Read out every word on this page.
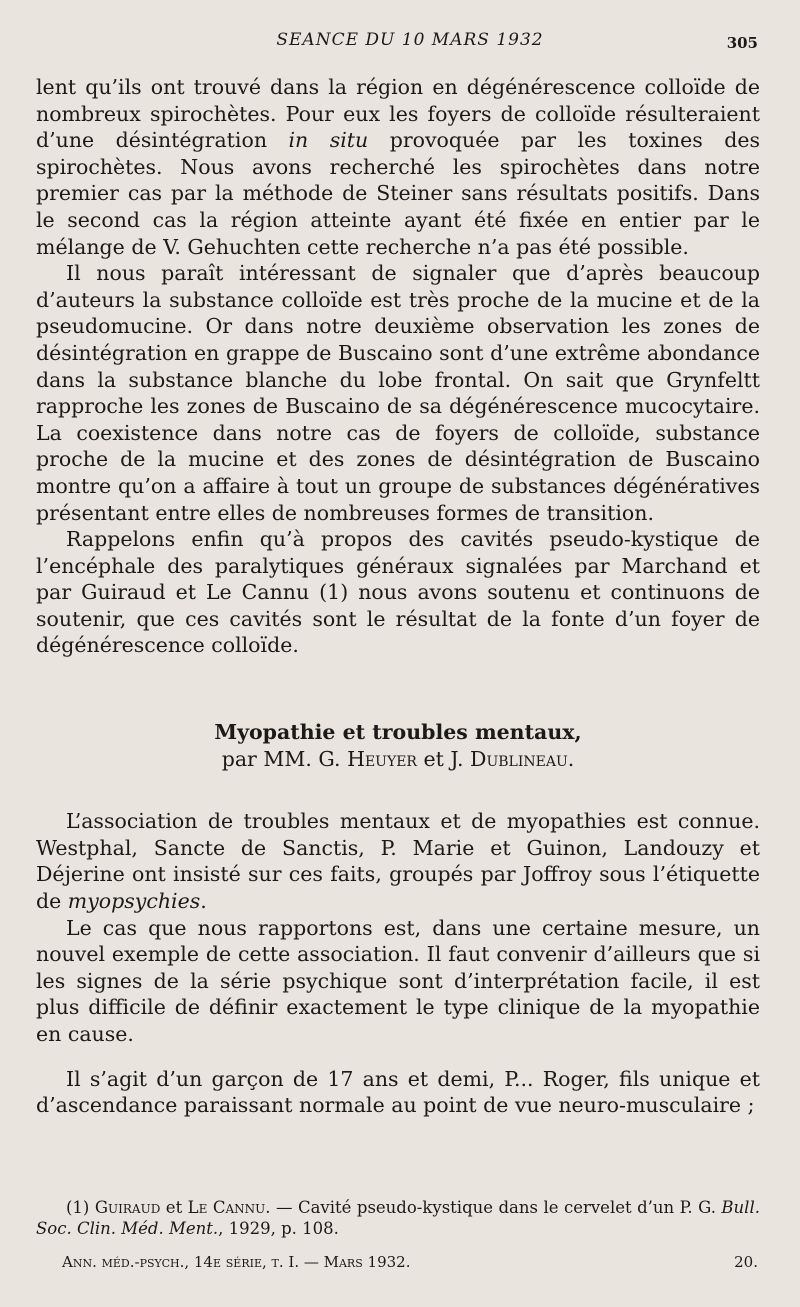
SEANCE DU 10 MARS 1932	305

lent qu’ils ont trouvé dans la région en dégénérescence colloïde de nombreux spirochètes. Pour eux les foyers de colloïde résulteraient d’une désintégration in situ provoquée par les toxines des spirochètes. Nous avons recherché les spirochètes dans notre premier cas par la méthode de Steiner sans résultats positifs. Dans le second cas la région atteinte ayant été fixée en entier par le mélange de V. Gehuchten cette recherche n’a pas été possible.

Il nous paraît intéressant de signaler que d’après beaucoup d’auteurs la substance colloïde est très proche de la mucine et de la pseudomucine. Or dans notre deuxième observation les zones de désintégration en grappe de Buscaino sont d’une extrême abondance dans la substance blanche du lobe frontal. On sait que Grynfeltt rapproche les zones de Buscaino de sa dégénérescence mucocytaire. La coexistence dans notre cas de foyers de colloïde, substance proche de la mucine et des zones de désintégration de Buscaino montre qu’on a affaire à tout un groupe de substances dégénératives présentant entre elles de nombreuses formes de transition.

Rappelons enfin qu’à propos des cavités pseudo-kystique de l’encéphale des paralytiques généraux signalées par Marchand et par Guiraud et Le Cannu (1) nous avons soutenu et continuons de soutenir, que ces cavités sont le résultat de la fonte d’un foyer de dégénérescence colloïde.

Myopathie et troubles mentaux,

par MM. G. Heuyer et J. Dublineau.

L’association de troubles mentaux et de myopathies est connue. Westphal, Sancte de Sanctis, P. Marie et Guinon, Landouzy et Déjerine ont insisté sur ces faits, groupés par Joffroy sous l’étiquette de myopsychies.

Le cas que nous rapportons est, dans une certaine mesure, un nouvel exemple de cette association. Il faut convenir d’ailleurs que si les signes de la série psychique sont d’interprétation facile, il est plus difficile de définir exactement le type clinique de la myopathie en cause.

Il s’agit d’un garçon de 17 ans et demi, P... Roger, fils unique et d’ascendance paraissant normale au point de vue neuro-musculaire ;

(1) Guiraud et Le Cannu. — Cavité pseudo-kystique dans le cervelet d’un P. G. Bull. Soc. Clin. Méd. Ment., 1929, p. 108.

Ann. méd.-psych., 14e série, t. I. — Mars 1932.	20.
